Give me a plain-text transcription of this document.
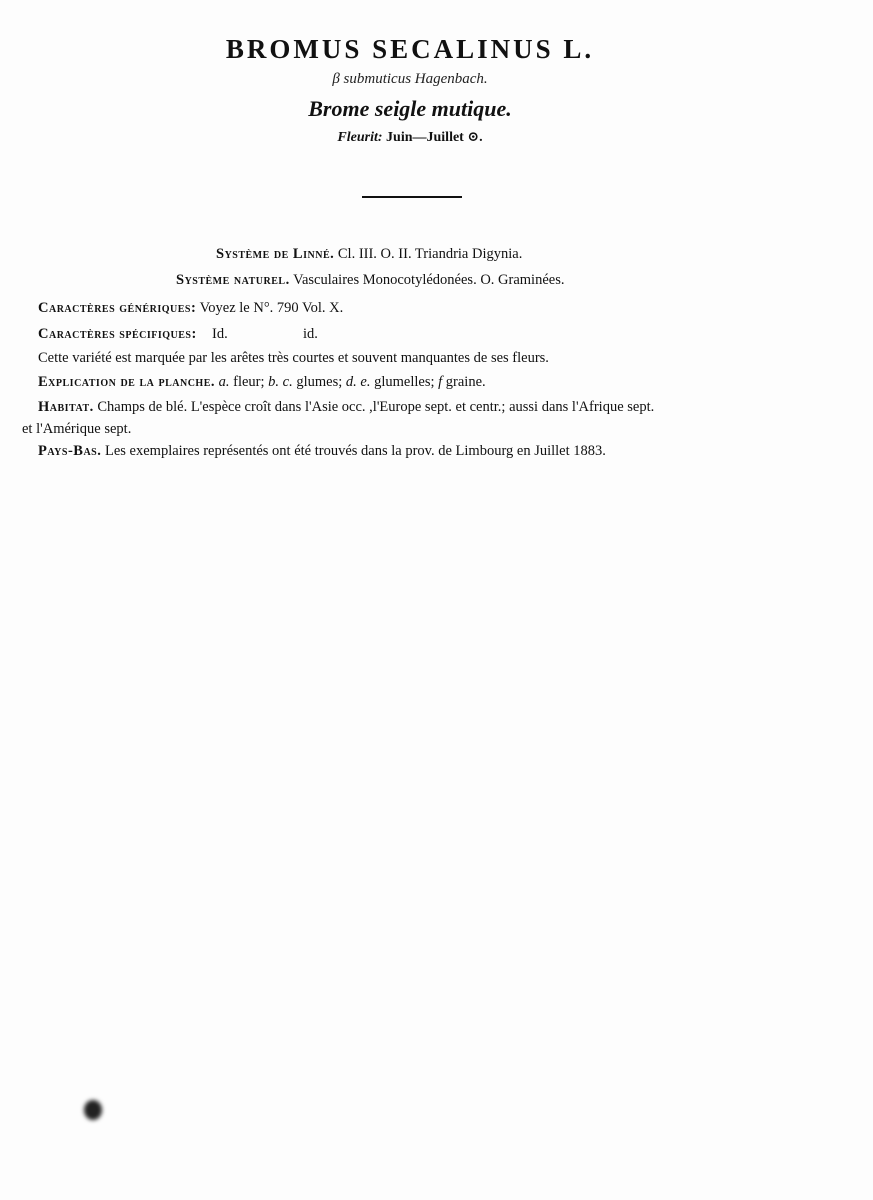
BROMUS SECALINUS L.
β submuticus Hagenbach.
Brome seigle mutique.
Fleurit: Juin—Juillet ⊙.
Système de Linné. Cl. III. O. II. Triandria Digynia.
Système naturel. Vasculaires Monocotylédonées. O. Graminées.
Caractères génériques: Voyez le N°. 790 Vol. X.
Caractères spécifiques: Id.	id.
Cette variété est marquée par les arêtes très courtes et souvent manquantes de ses fleurs.
Explication de la planche. a. fleur; b. c. glumes; d. e. glumelles; f graine.
Habitat. Champs de blé. L'espèce croît dans l'Asie occ. ,l'Europe sept. et centr.; aussi dans l'Afrique sept.
et l'Amérique sept.
Pays-Bas. Les exemplaires représentés ont été trouvés dans la prov. de Limbourg en Juillet 1883.
